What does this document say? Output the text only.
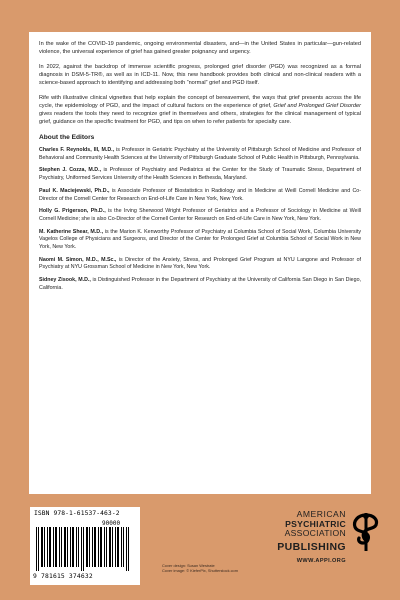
In the wake of the COVID-19 pandemic, ongoing environmental disasters, and—in the United States in particular—gun-related violence, the universal experience of grief has gained greater poignancy and urgency.

In 2022, against the backdrop of immense scientific progress, prolonged grief disorder (PGD) was recognized as a formal diagnosis in DSM-5-TR®, as well as in ICD-11. Now, this new handbook provides both clinical and non-clinical readers with a science-based approach to identifying and addressing both “normal” grief and PGD itself.

Rife with illustrative clinical vignettes that help explain the concept of bereavement, the ways that grief presents across the life cycle, the epidemiology of PGD, and the impact of cultural factors on the experience of grief, Grief and Prolonged Grief Disorder gives readers the tools they need to recognize grief in themselves and others, strategies for the clinical management of typical grief, guidance on the specific treatment for PGD, and tips on when to refer patients for specialty care.

About the Editors

Charles F. Reynolds, III, M.D., is Professor in Geriatric Psychiatry at the University of Pittsburgh School of Medicine and Professor of Behavioral and Community Health Sciences at the University of Pittsburgh Graduate School of Public Health in Pittsburgh, Pennsylvania.

Stephen J. Cozza, M.D., is Professor of Psychiatry and Pediatrics at the Center for the Study of Traumatic Stress, Department of Psychiatry, Uniformed Services University of the Health Sciences in Bethesda, Maryland.

Paul K. Maciejewski, Ph.D., is Associate Professor of Biostatistics in Radiology and in Medicine at Weill Cornell Medicine and Co-Director of the Cornell Center for Research on End-of-Life Care in New York, New York.

Holly G. Prigerson, Ph.D., is the Irving Sherwood Wright Professor of Geriatrics and a Professor of Sociology in Medicine at Weill Cornell Medicine; she is also Co-Director of the Cornell Center for Research on End-of-Life Care in New York, New York.

M. Katherine Shear, M.D., is the Marion K. Kenworthy Professor of Psychiatry at Columbia School of Social Work, Columbia University Vagelos College of Physicians and Surgeons, and Director of the Center for Prolonged Grief at Columbia School of Social Work in New York, New York.

Naomi M. Simon, M.D., M.Sc., is Director of the Anxiety, Stress, and Prolonged Grief Program at NYU Langone and Professor of Psychiatry at NYU Grossman School of Medicine in New York, New York.

Sidney Zisook, M.D., is Distinguished Professor in the Department of Psychiatry at the University of California San Diego in San Diego, California.

ISBN 978-1-61537-463-2
90000
9 781615 374632
Cover design: Susan Westrate
Cover image: © KieferPix, Shutterstock.com
AMERICAN
PSYCHIATRIC
ASSOCIATION
PUBLISHING
WWW.APPI.ORG
